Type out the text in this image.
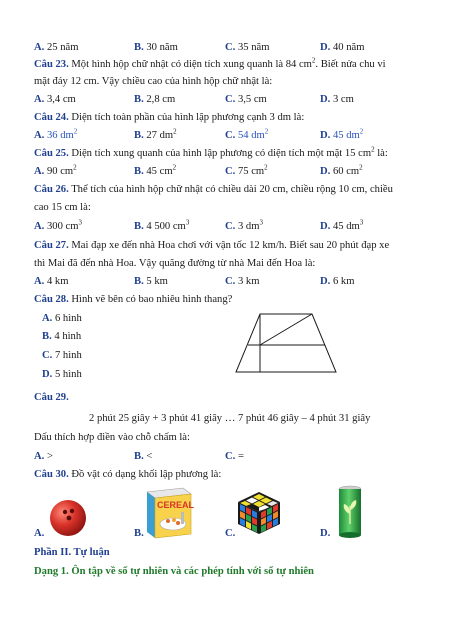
A. 25 năm	B. 30 năm	C. 35 năm	D. 40 năm
Câu 23. Một hình hộp chữ nhật có diện tích xung quanh là 84 $cm^2$. Biết nửa chu vi
mặt đáy 12 cm. Vậy chiều cao của hình hộp chữ nhật là:
A. 3,4 cm	B. 2,8 cm	C. 3,5 cm	D. 3 cm
Câu 24. Diện tích toàn phần của hình lập phương cạnh 3 dm là:
A. 36 $dm^2$	B. 27 $dm^2$	C. 54 $dm^2$	D. 45 $dm^2$
Câu 25. Diện tích xung quanh của hình lập phương có diện tích một mặt 15 $cm^2$ là:
A. 90 $cm^2$	B. 45 $cm^2$	C. 75 $cm^2$	D. 60 $cm^2$
Câu 26. Thể tích của hình hộp chữ nhật có chiều dài 20 cm, chiều rộng 10 cm, chiều
cao 15 cm là:
A. 300 $cm^3$	B. 4 500 $cm^3$	C. 3 $dm^3$	D. 45 $dm^3$
Câu 27. Mai đạp xe đến nhà Hoa chơi với vận tốc 12 km/h. Biết sau 20 phút đạp xe
thì Mai đã đến nhà Hoa. Vậy quãng đường từ nhà Mai đến Hoa là:
A. 4 km	B. 5 km	C. 3 km	D. 6 km
Câu 28. Hình vẽ bên có bao nhiêu hình thang?
A. 6 hình
B. 4 hình
C. 7 hình
D. 5 hình
Câu 29.
2 phút 25 giây + 3 phút 41 giây … 7 phút 46 giây – 4 phút 31 giây
Dấu thích hợp điền vào chỗ chấm là:
A. >	B. <	C. =
Câu 30. Đồ vật có dạng khối lập phương là:
A.	B.	C.	D.
CEREAL
Phần II. Tự luận
Dạng 1. Ôn tập về số tự nhiên và các phép tính với số tự nhiên
